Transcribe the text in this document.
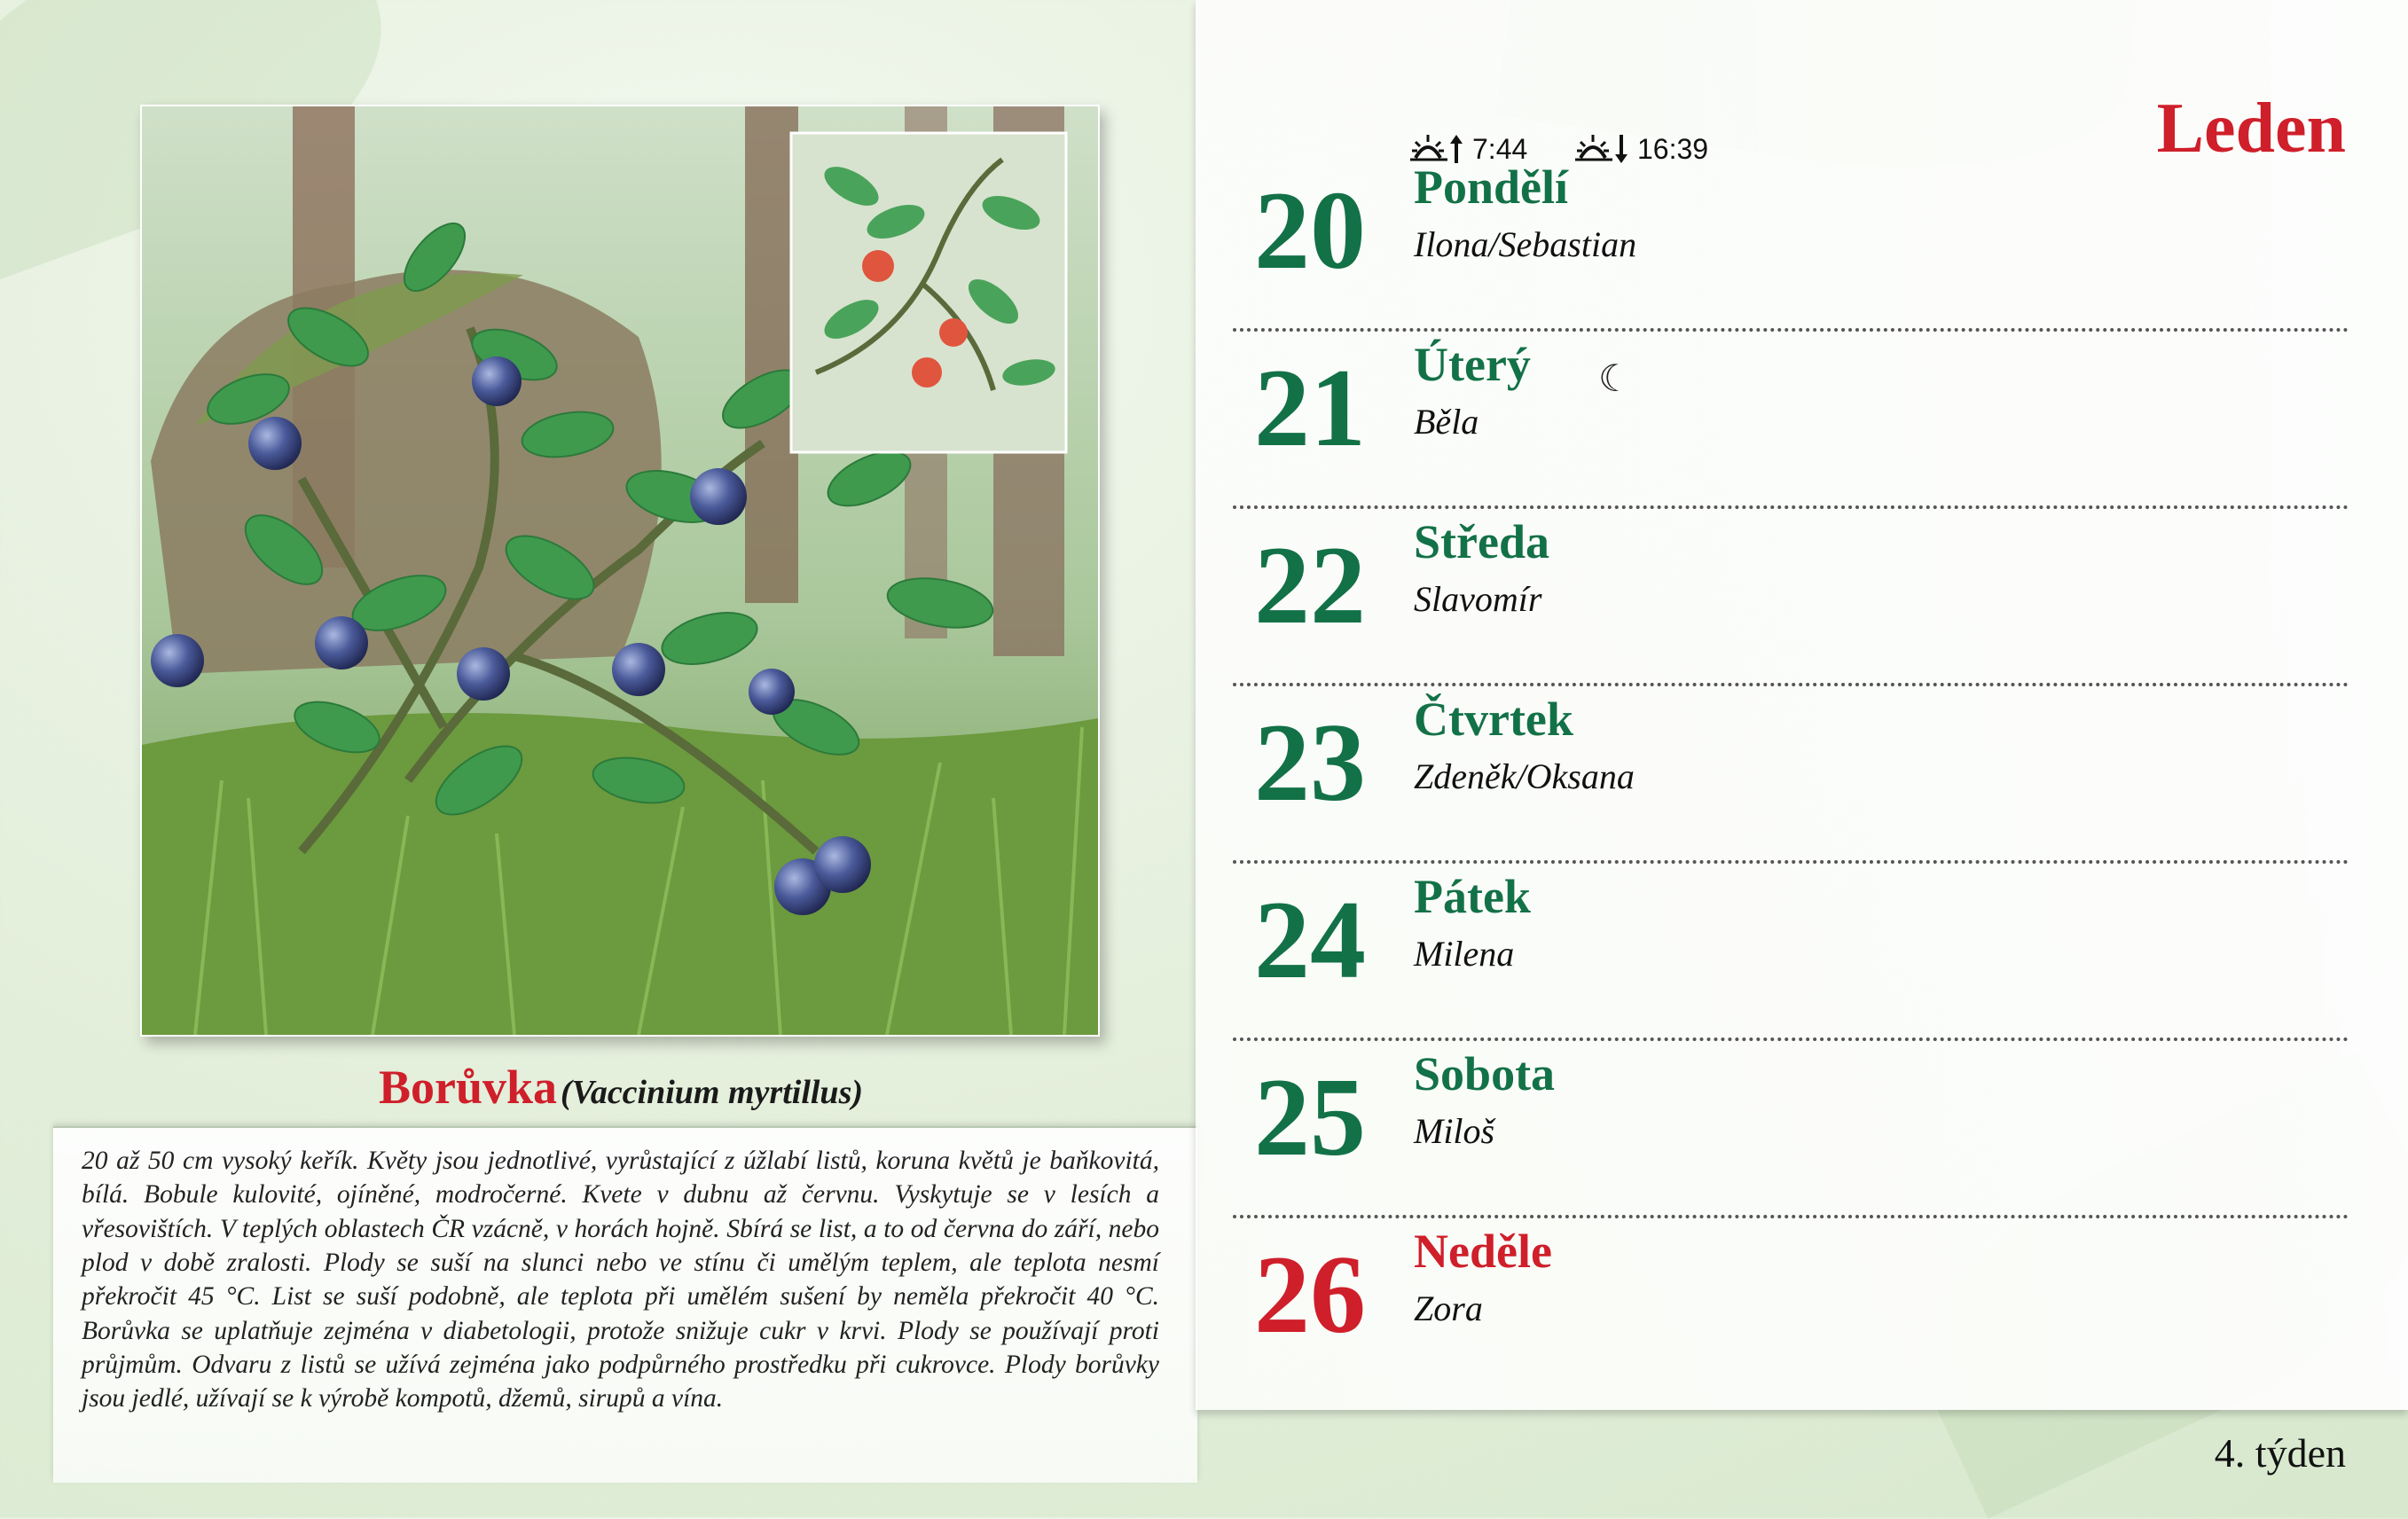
Borůvka (Vaccinium myrtillus)
20 až 50 cm vysoký keřík. Květy jsou jednotlivé, vyrůstající z úžlabí listů, koruna květů je baňkovitá, bílá. Bobule kulovité, ojíněné, modročerné. Kvete v dubnu až červnu. Vyskytuje se v lesích a vřesovištích. V teplých oblastech ČR vzácně, v horách hojně. Sbírá se list, a to od června do září, nebo plod v době zralosti. Plody se suší na slunci nebo ve stínu či umělým teplem, ale teplota nesmí překročit 45 °C. List se suší podobně, ale teplota při umělém sušení by neměla překročit 40 °C. Borůvka se uplatňuje zejména v diabetologii, protože snižuje cukr v krvi. Plody se používají proti průjmům. Odvaru z listů se užívá zejména jako podpůrného prostředku při cukrovce. Plody borůvky jsou jedlé, užívají se k výrobě kompotů, džemů, sirupů a vína.
7:44	16:39	Leden
20 Pondělí
Ilona/Sebastian
21 Úterý ☾
Běla
22 Středa
Slavomír
23 Čtvrtek
Zdeněk/Oksana
24 Pátek
Milena
25 Sobota
Miloš
26 Neděle
Zora
4. týden
